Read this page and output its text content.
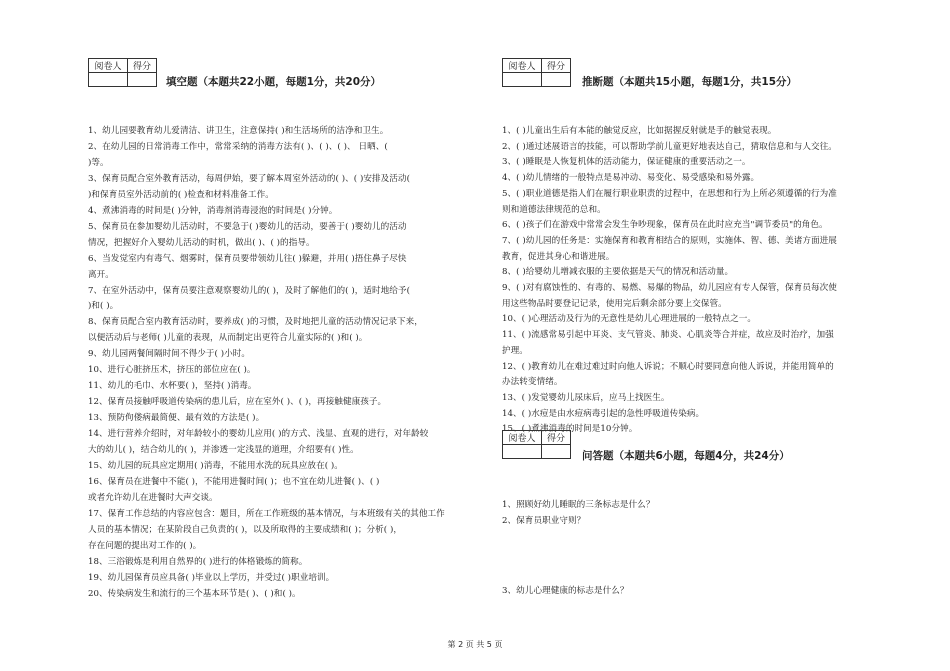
阅卷人	得分

填空题（本题共22小题，每题1分，共20分）
1、幼儿园要教育幼儿爱清洁、讲卫生，注意保持( )和生活场所的洁净和卫生。
2、在幼儿园的日常消毒工作中，常常采纳的消毒方法有( )、( )、( )、 日晒、(
)等。
3、保育员配合室外教育活动，每周伊始，要了解本周室外活动的( )、( )安排及活动(
)和保育员室外活动前的( )检查和材料准备工作。
4、煮沸消毒的时间是( )分钟，消毒剂消毒浸泡的时间是( )分钟。
5、保育员在参加婴幼儿活动时，不要急于( )婴幼儿的活动，要善于( )婴幼儿的活动
情况，把握好介入婴幼儿活动的时机，做出( )、( )的指导。
6、当发觉室内有毒气、烟雾时，保育员要带领幼儿往( )躲避，并用( )捂住鼻子尽快
离开。
7、在室外活动中，保育员要注意观察婴幼儿的( )，及时了解他们的( )，适时地给予(
)和( )。
8、保育员配合室内教育活动时，要养成( )的习惯，及时地把儿童的活动情况记录下来，
以便活动后与老师( )儿童的表现，从而制定出更符合儿童实际的( )和( )。
9、幼儿园两餐间隔时间不得少于( )小时。
10、进行心脏挤压术，挤压的部位应在( )。
11、幼儿的毛巾、水杯要( )，坚持( )消毒。
12、保育员接触呼吸道传染病的患儿后，应在室外( )、( )，再接触健康孩子。
13、预防佝偻病最简便、最有效的方法是( )。
14、进行营养介绍时，对年龄较小的婴幼儿应用( )的方式、浅显、直观的进行，对年龄较
大的幼儿( )，结合幼儿的( )，并渗透一定浅显的道理，介绍要有( )性。
15、幼儿园的玩具应定期用( )消毒，不能用水洗的玩具应放在( )。
16、保育员在进餐中不能( )，不能用进餐时间( )；也不宜在幼儿进餐( )、( )
或者允许幼儿在进餐时大声交谈。
17、保育工作总结的内容应包含：题目，所在工作班级的基本情况，与本班级有关的其他工作
人员的基本情况；在某阶段自己负责的( )，以及所取得的主要成绩和( )；分析( )，
存在问题的提出对工作的( )。
18、三浴锻炼是利用自然界的( )进行的体格锻炼的简称。
19、幼儿园保育员应具备( )毕业以上学历，并受过( )职业培训。
20、传染病发生和流行的三个基本环节是( )、( )和( )。
阅卷人	得分

推断题（本题共15小题，每题1分，共15分）
1、( )儿童出生后有本能的触觉反应，比如据握反射就是手的触觉表现。
2、( )通过述展语言的技能，可以帮助学前儿童更好地表达自己，猜取信息和与人交往。
3、( )睡眠是人恢复机体的活动能力，保证健康的重要活动之一。
4、( )幼儿情绪的一般特点是易冲动、易变化、易受感染和易外露。
5、( )职业道德是指人们在履行职业职责的过程中，在思想和行为上所必须遵循的行为准
则和道德法律规范的总和。
6、( )孩子们在游戏中常常会发生争吵现象，保育员在此时应充当"调节委员"的角色。
7、( )幼儿园的任务是：实施保育和教育相结合的原则，实施体、智、德、美诸方面进展
教育，促进其身心和谐进展。
8、( )给婴幼儿增减衣服的主要依据是天气的情况和活动量。
9、( )对有腐蚀性的、有毒的、易燃、易爆的物品，幼儿园应有专人保管，保育员每次使
用这些物品时要登记记录，使用完后剩余部分要上交保管。
10、( )心理活动及行为的无意性是幼儿心理进展的一般特点之一。
11、( )流感常易引起中耳炎、支气管炎、肺炎、心肌炎等合并症，故应及时治疗，加强
护理。
12、( )教育幼儿在难过难过时向他人诉说；不顺心时要同意向他人诉说，并能用简单的
办法转变情绪。
13、( )发觉婴幼儿尿床后，应马上找医生。
14、( )水痘是由水痘病毒引起的急性呼吸道传染病。
15、( )煮沸消毒的时间是10分钟。
阅卷人	得分

问答题（本题共6小题，每题4分，共24分）
1、照顾好幼儿睡眠的三条标志是什么？
2、保育员职业守则？
3、幼儿心理健康的标志是什么？
第 2 页 共 5 页
